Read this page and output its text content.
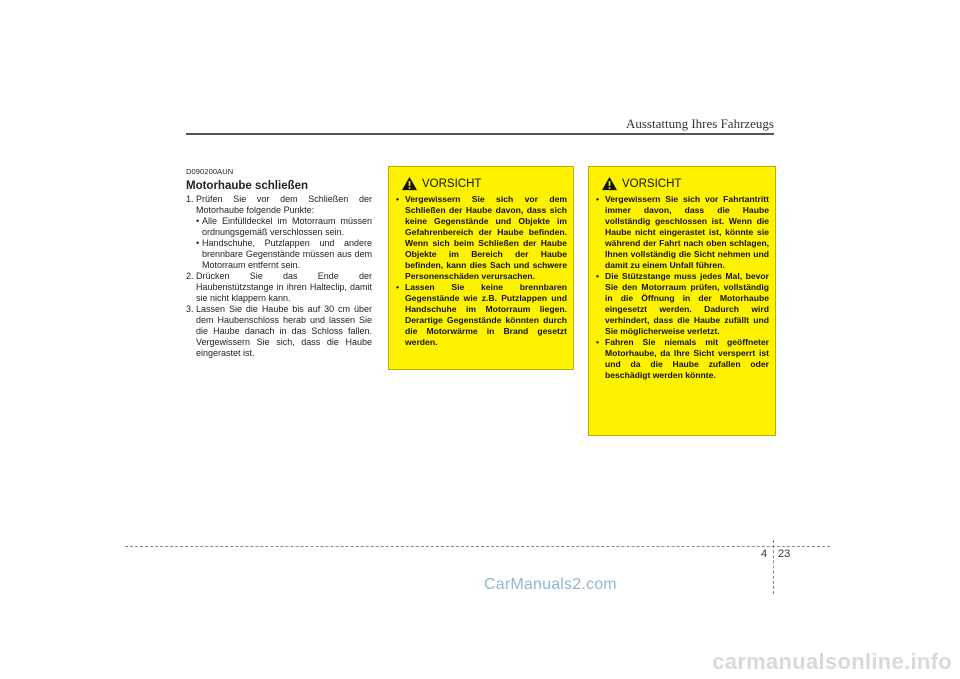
Ausstattung Ihres Fahrzeugs
D090200AUN
Motorhaube schließen
1. Prüfen Sie vor dem Schließen der Motorhaube folgende Punkte:
• Alle Einfülldeckel im Motorraum müssen ordnungsgemäß verschlossen sein.
• Handschuhe, Putzlappen und andere brennbare Gegenstände müssen aus dem Motorraum entfernt sein.
2. Drücken Sie das Ende der Haubenstützstange in ihren Halteclip, damit sie nicht klappern kann.
3. Lassen Sie die Haube bis auf 30 cm über dem Haubenschloss herab und lassen Sie die Haube danach in das Schloss fallen. Vergewissern Sie sich, dass die Haube eingerastet ist.
VORSICHT
• Vergewissern Sie sich vor dem Schließen der Haube davon, dass sich keine Gegenstände und Objekte im Gefahrenbereich der Haube befinden. Wenn sich beim Schließen der Haube Objekte im Bereich der Haube befinden, kann dies Sach und schwere Personenschäden verursachen.
• Lassen Sie keine brennbaren Gegenstände wie z.B. Putzlappen und Handschuhe im Motorraum liegen. Derartige Gegenstände könnten durch die Motorwärme in Brand gesetzt werden.
VORSICHT
• Vergewissern Sie sich vor Fahrtantritt immer davon, dass die Haube vollständig geschlossen ist. Wenn die Haube nicht eingerastet ist, könnte sie während der Fahrt nach oben schlagen, Ihnen vollständig die Sicht nehmen und damit zu einem Unfall führen.
• Die Stützstange muss jedes Mal, bevor Sie den Motorraum prüfen, vollständig in die Öffnung in der Motorhaube eingesetzt werden. Dadurch wird verhindert, dass die Haube zufällt und Sie möglicherweise verletzt.
• Fahren Sie niemals mit geöffneter Motorhaube, da Ihre Sicht versperrt ist und da die Haube zufallen oder beschädigt werden könnte.
4 23
CarManuals2.com
carmanualsonline.info
